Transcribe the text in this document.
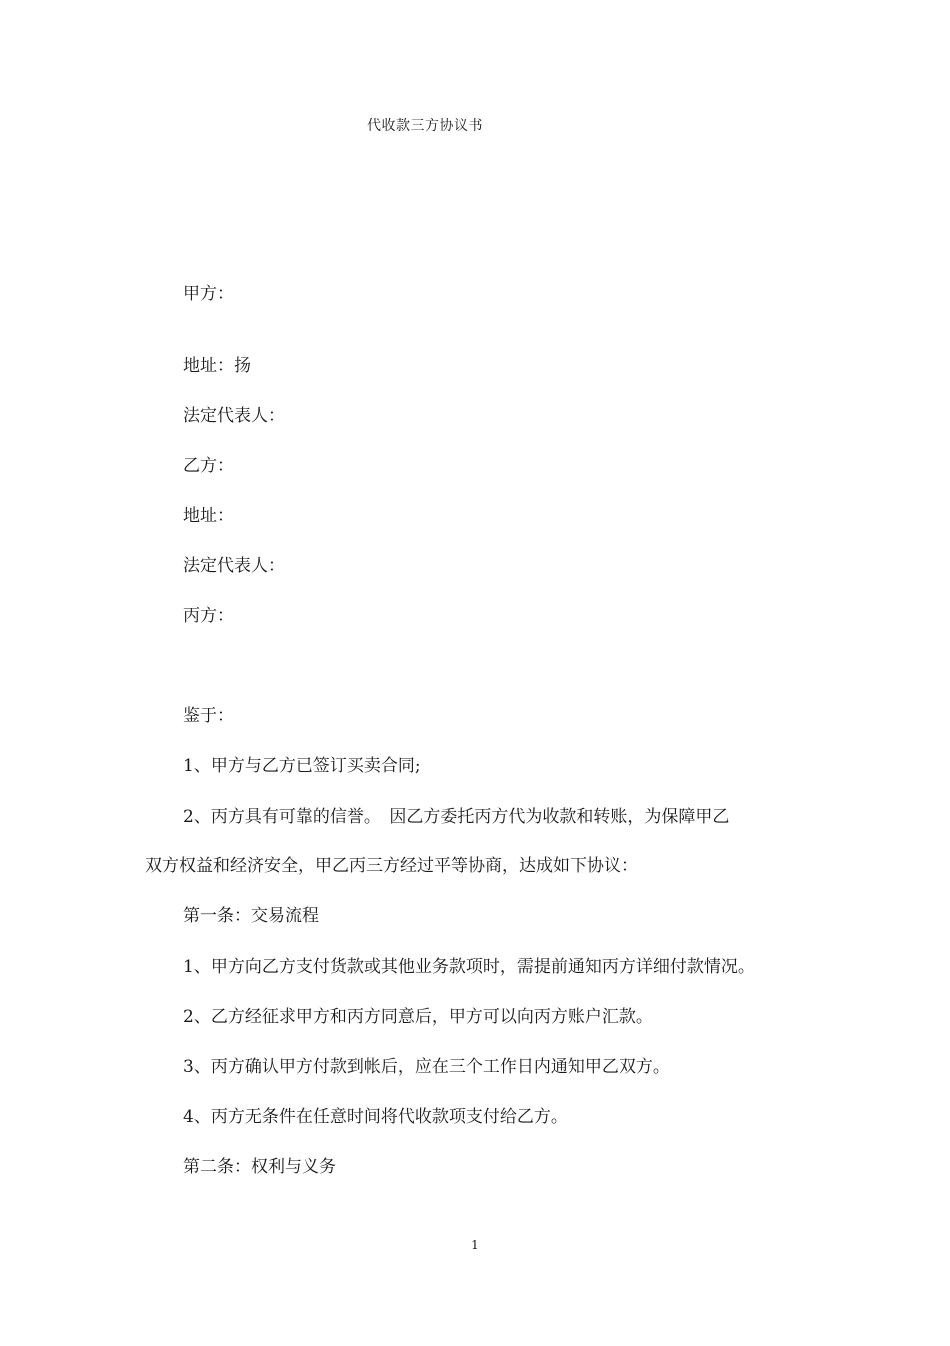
代收款三方协议书
甲方：
地址：扬
法定代表人：
乙方：
地址：
法定代表人：
丙方：
鉴于：
1、甲方与乙方已签订买卖合同;
2、丙方具有可靠的信誉。　因乙方委托丙方代为收款和转账，为保障甲乙
双方权益和经济安全，甲乙丙三方经过平等协商，达成如下协议：
第一条：交易流程
1、甲方向乙方支付货款或其他业务款项时，需提前通知丙方详细付款情况。
2、乙方经征求甲方和丙方同意后，甲方可以向丙方账户汇款。
3、丙方确认甲方付款到帐后，应在三个工作日内通知甲乙双方。
4、丙方无条件在任意时间将代收款项支付给乙方。
第二条：权利与义务
1
